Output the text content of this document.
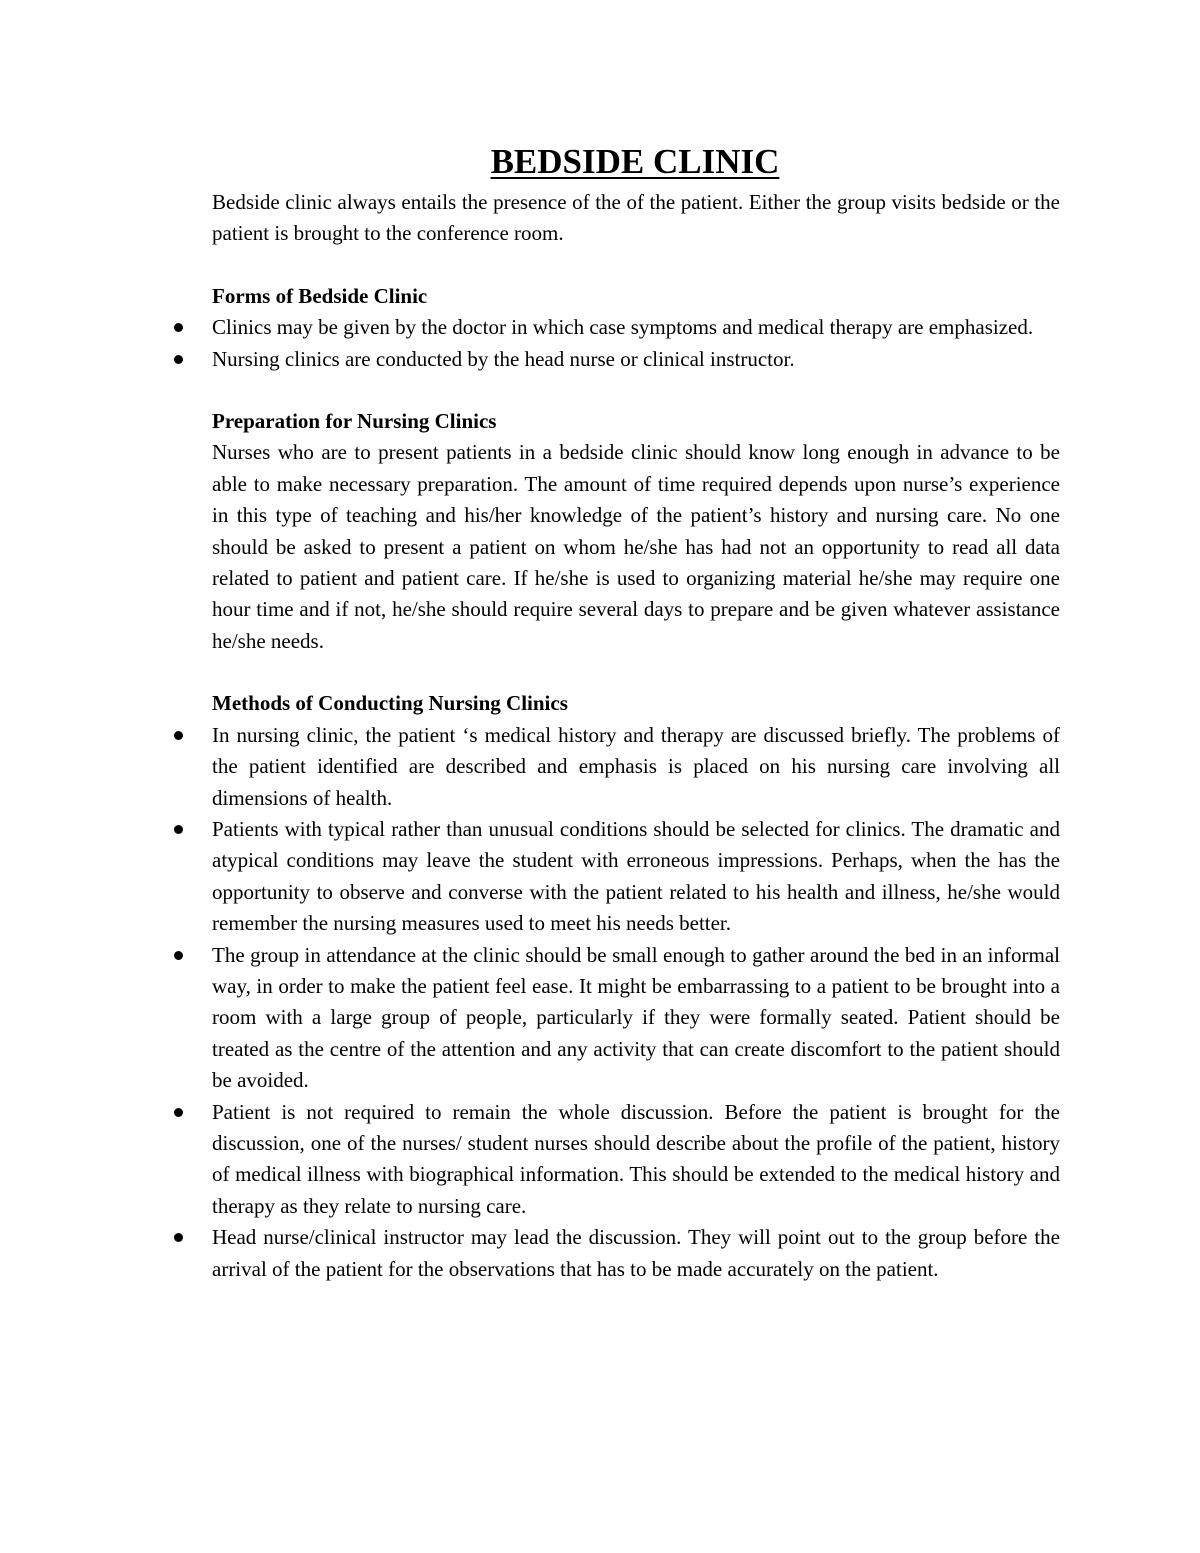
BEDSIDE CLINIC

Bedside clinic always entails the presence of the of the patient. Either the group visits bedside or the patient is brought to the conference room.

Forms of Bedside Clinic

Clinics may be given by the doctor in which case symptoms and medical therapy are emphasized.
Nursing clinics are conducted by the head nurse or clinical instructor.

Preparation for Nursing Clinics

Nurses who are to present patients in a bedside clinic should know long enough in advance to be able to make necessary preparation. The amount of time required depends upon nurse’s experience in this type of teaching and his/her knowledge of the patient’s history and nursing care. No one should be asked to present a patient on whom he/she has had not an opportunity to read all data related to patient and patient care. If he/she is used to organizing material he/she may require one hour time and if not, he/she should require several days to prepare and be given whatever assistance he/she needs.

Methods of Conducting Nursing Clinics

In nursing clinic, the patient ‘s medical history and therapy are discussed briefly. The problems of the patient identified are described and emphasis is placed on his nursing care involving all dimensions of health.
Patients with typical rather than unusual conditions should be selected for clinics. The dramatic and atypical conditions may leave the student with erroneous impressions. Perhaps, when the has the opportunity to observe and converse with the patient related to his health and illness, he/she would remember the nursing measures used to meet his needs better.
The group in attendance at the clinic should be small enough to gather around the bed in an informal way, in order to make the patient feel ease. It might be embarrassing to a patient to be brought into a room with a large group of people, particularly if they were formally seated. Patient should be treated as the centre of the attention and any activity that can create discomfort to the patient should be avoided.
Patient is not required to remain the whole discussion. Before the patient is brought for the discussion, one of the nurses/ student nurses should describe about the profile of the patient, history of medical illness with biographical information. This should be extended to the medical history and therapy as they relate to nursing care.
Head nurse/clinical instructor may lead the discussion. They will point out to the group before the arrival of the patient for the observations that has to be made accurately on the patient.
